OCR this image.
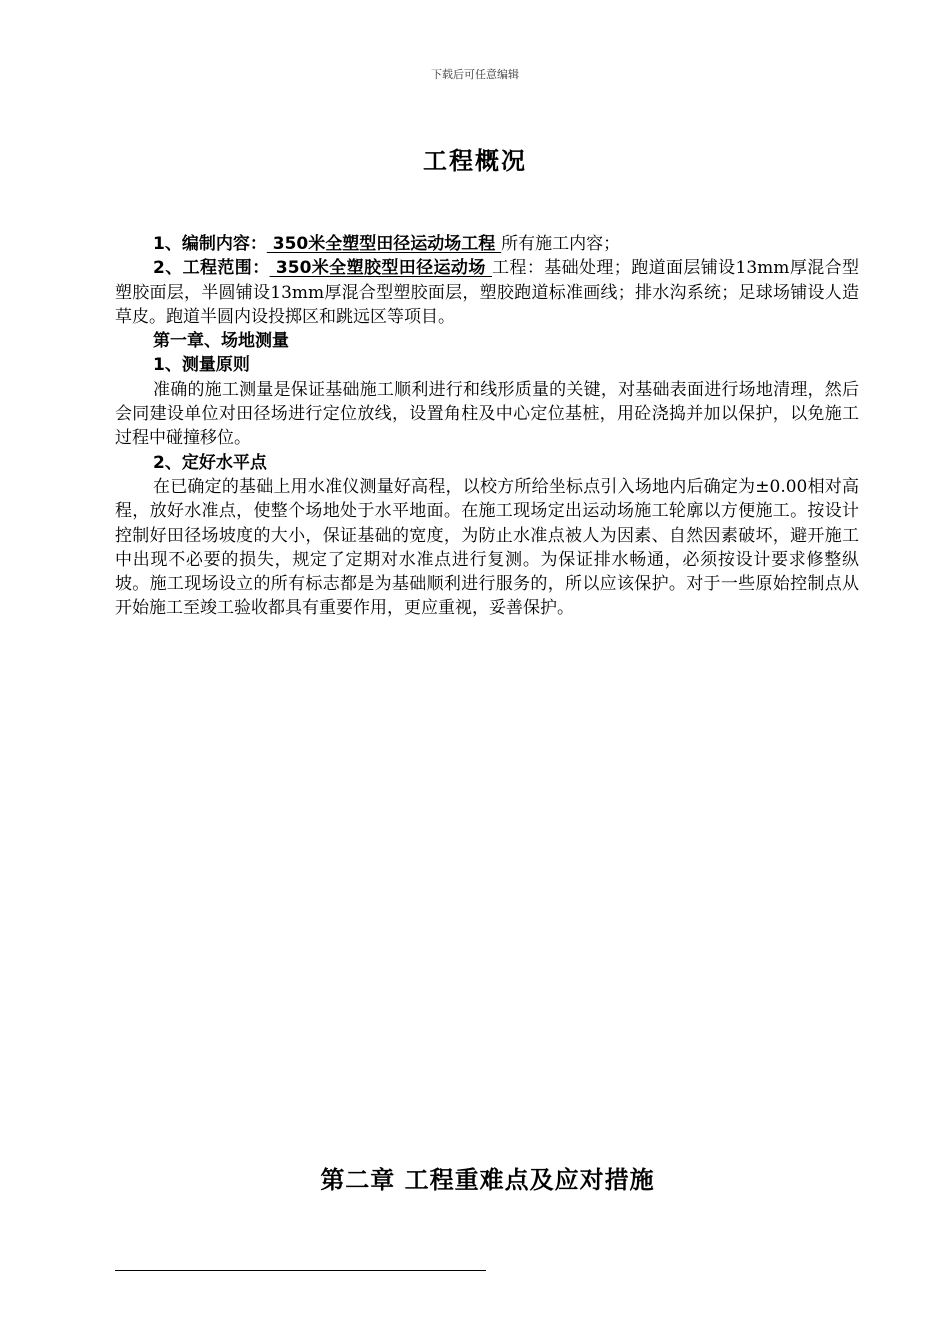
下载后可任意编辑
工程概况

1、编制内容： 350米全塑型田径运动场工程 所有施工内容；

2、工程范围： 350米全塑胶型田径运动场 工程：基础处理；跑道面层铺设13mm厚混合型塑胶面层，半圆铺设13mm厚混合型塑胶面层，塑胶跑道标准画线；排水沟系统；足球场铺设人造草皮。跑道半圆内设投掷区和跳远区等项目。

第一章、场地测量

1、测量原则

准确的施工测量是保证基础施工顺利进行和线形质量的关键，对基础表面进行场地清理，然后会同建设单位对田径场进行定位放线，设置角柱及中心定位基桩，用砼浇捣并加以保护，以免施工过程中碰撞移位。

2、定好水平点

在已确定的基础上用水准仪测量好高程，以校方所给坐标点引入场地内后确定为±0.00相对高程，放好水准点，使整个场地处于水平地面。在施工现场定出运动场施工轮廓以方便施工。按设计控制好田径场坡度的大小，保证基础的宽度，为防止水准点被人为因素、自然因素破坏，避开施工中出现不必要的损失，规定了定期对水准点进行复测。为保证排水畅通，必须按设计要求修整纵坡。施工现场设立的所有标志都是为基础顺利进行服务的，所以应该保护。对于一些原始控制点从开始施工至竣工验收都具有重要作用，更应重视，妥善保护。

第二章 工程重难点及应对措施
